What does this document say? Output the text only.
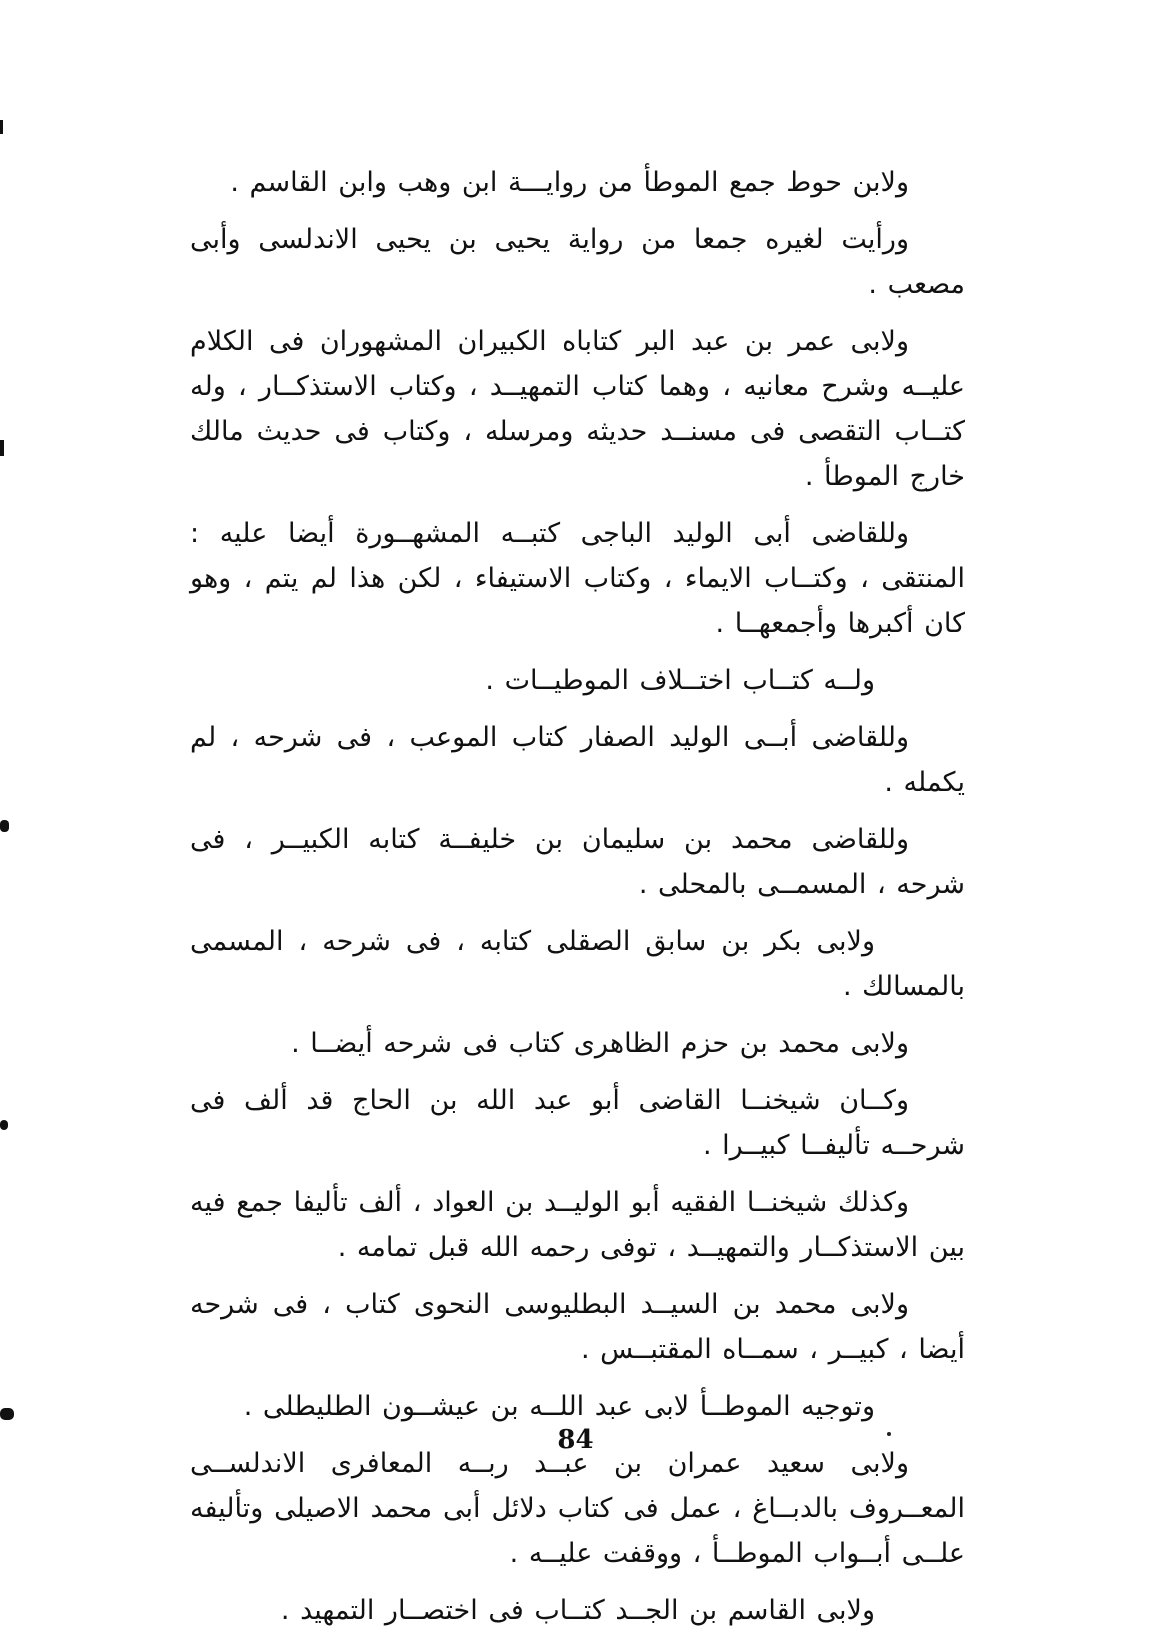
ولابن حوط جمع الموطأ من روايـــة ابن وهب وابن القاسم .

ورأيت لغيره جمعا من رواية يحيى بن يحيى الاندلسى وأبى مصعب .

ولابى عمر بن عبد البر كتاباه الكبيران المشهوران فى الكلام عليــه وشرح معانيه ، وهما كتاب التمهيــد ، وكتاب الاستذكــار ، وله كتــاب التقصى فى مسنــد حديثه ومرسله ، وكتاب فى حديث مالك خارج الموطأ .

وللقاضى أبى الوليد الباجى كتبــه المشهــورة أيضا عليه : المنتقى ، وكتــاب الايماء ، وكتاب الاستيفاء ، لكن هذا لم يتم ، وهو كان أكبرها وأجمعهــا .

ولــه كتــاب اختــلاف الموطيــات .

وللقاضى أبــى الوليد الصفار كتاب الموعب ، فى شرحه ، لم يكمله .

وللقاضى محمد بن سليمان بن خليفــة كتابه الكبيــر ، فى شرحه ، المسمــى بالمحلى .

ولابى بكر بن سابق الصقلى كتابه ، فى شرحه ، المسمى بالمسالك .

ولابى محمد بن حزم الظاهرى كتاب فى شرحه أيضــا .

وكــان شيخنــا القاضى أبو عبد الله بن الحاج قد ألف فى شرحــه تأليفــا كبيــرا .

وكذلك شيخنــا الفقيه أبو الوليــد بن العواد ، ألف تأليفا جمع فيه بين الاستذكــار والتمهيــد ، توفى رحمه الله قبل تمامه .

ولابى محمد بن السيــد البطليوسى النحوى كتاب ، فى شرحه أيضا ، كبيــر ، سمــاه المقتبــس .

وتوجيه الموطــأ لابى عبد اللــه بن عيشــون الطليطلى .

ولابى سعيد عمران بن عبــد ربــه المعافرى الاندلســى المعــروف بالدبــاغ ، عمل فى كتاب دلائل أبى محمد الاصيلى وتأليفه علــى أبــواب الموطــأ ، ووقفت عليــه .

ولابى القاسم بن الجــد كتــاب فى اختصــار التمهيد .

84
